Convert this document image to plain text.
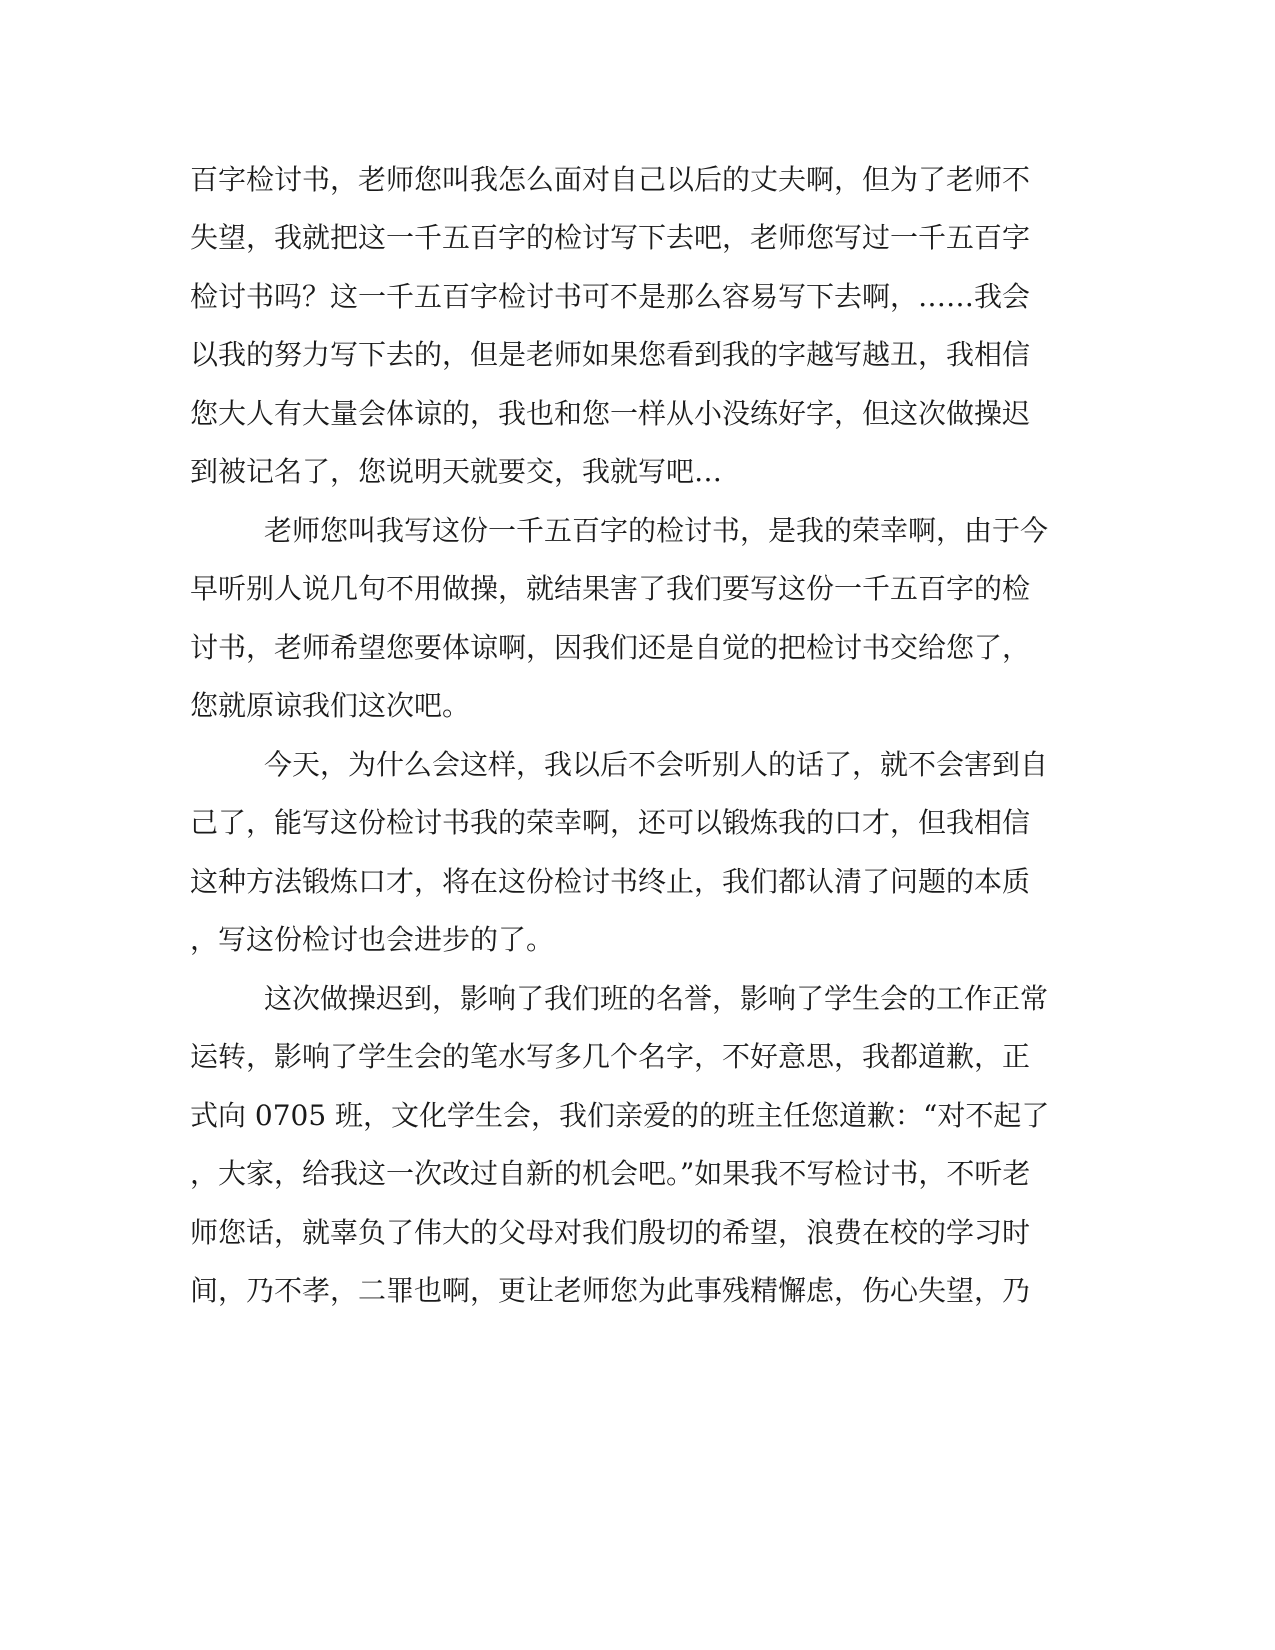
百字检讨书，老师您叫我怎么面对自己以后的丈夫啊，但为了老师不
失望，我就把这一千五百字的检讨写下去吧，老师您写过一千五百字
检讨书吗？这一千五百字检讨书可不是那么容易写下去啊，……我会
以我的努力写下去的，但是老师如果您看到我的字越写越丑，我相信
您大人有大量会体谅的，我也和您一样从小没练好字，但这次做操迟
到被记名了，您说明天就要交，我就写吧…
老师您叫我写这份一千五百字的检讨书，是我的荣幸啊，由于今
早听别人说几句不用做操，就结果害了我们要写这份一千五百字的检
讨书，老师希望您要体谅啊，因我们还是自觉的把检讨书交给您了，
您就原谅我们这次吧。
今天，为什么会这样，我以后不会听别人的话了，就不会害到自
己了，能写这份检讨书我的荣幸啊，还可以锻炼我的口才，但我相信
这种方法锻炼口才，将在这份检讨书终止，我们都认清了问题的本质
，写这份检讨也会进步的了。
这次做操迟到，影响了我们班的名誉，影响了学生会的工作正常
运转，影响了学生会的笔水写多几个名字，不好意思，我都道歉，正
式向 0705 班，文化学生会，我们亲爱的的班主任您道歉：“对不起了
，大家，给我这一次改过自新的机会吧。”如果我不写检讨书，不听老
师您话，就辜负了伟大的父母对我们殷切的希望，浪费在校的学习时
间，乃不孝，二罪也啊，更让老师您为此事残精懈虑，伤心失望，乃
